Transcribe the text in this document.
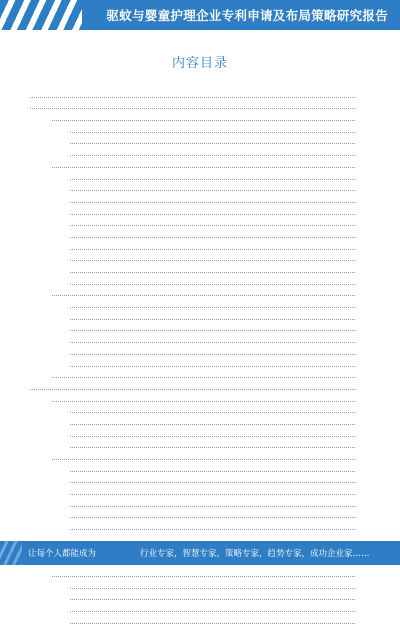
驱蚊与婴童护理企业专利申请及布局策略研究报告
内容目录
让每个人都能成为	行业专家，智慧专家，策略专家，趋势专家，成功企业家……
